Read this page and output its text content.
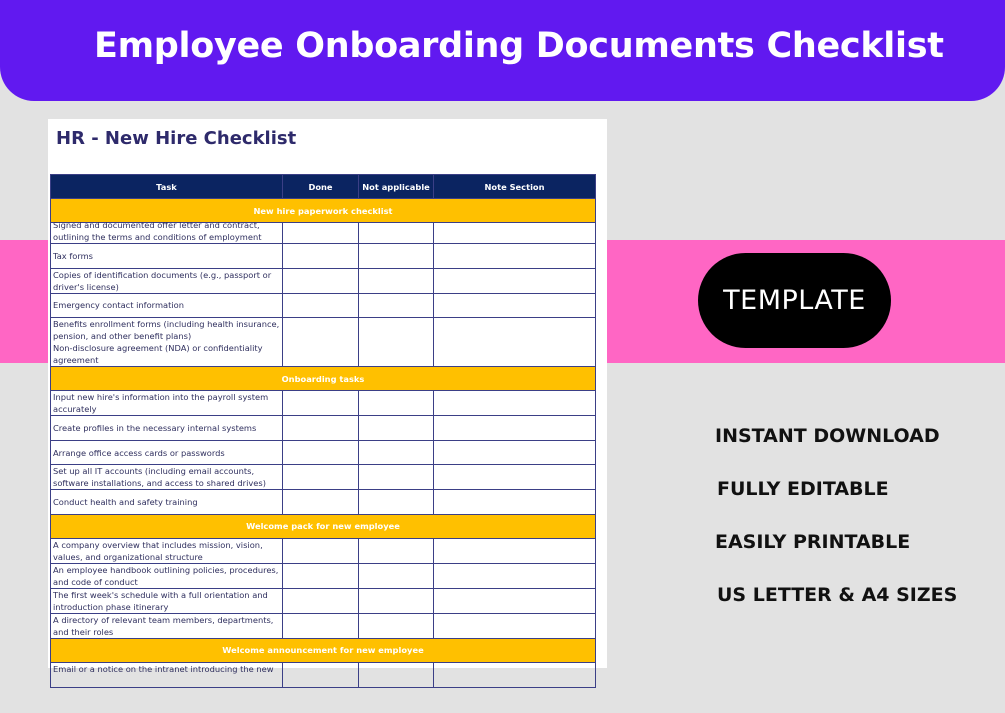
Employee Onboarding Documents Checklist
TEMPLATE
INSTANT DOWNLOAD
FULLY EDITABLE
EASILY PRINTABLE
US LETTER & A4 SIZES
HR - New Hire Checklist
Task	Done	Not applicable	Note Section
New hire paperwork checklist			

Signed and documented offer letter and contract, outlining the terms and conditions of employment			

Tax forms			
Copies of identification documents (e.g., passport or driver's license)			
Emergency contact information			
Benefits enrollment forms (including health insurance, pension, and other benefit plans)
Non-disclosure agreement (NDA) or confidentiality agreement			
Onboarding tasks			
Input new hire's information into the payroll system accurately			
Create profiles in the necessary internal systems			
Arrange office access cards or passwords			
Set up all IT accounts (including email accounts, software installations, and access to shared drives)			
Conduct health and safety training			
Welcome pack for new employee			
A company overview that includes mission, vision, values, and organizational structure			
An employee handbook outlining policies, procedures, and code of conduct			
The first week's schedule with a full orientation and introduction phase itinerary			
A directory of relevant team members, departments, and their roles			
Welcome announcement for new employee			
Email or a notice on the intranet introducing the new			
